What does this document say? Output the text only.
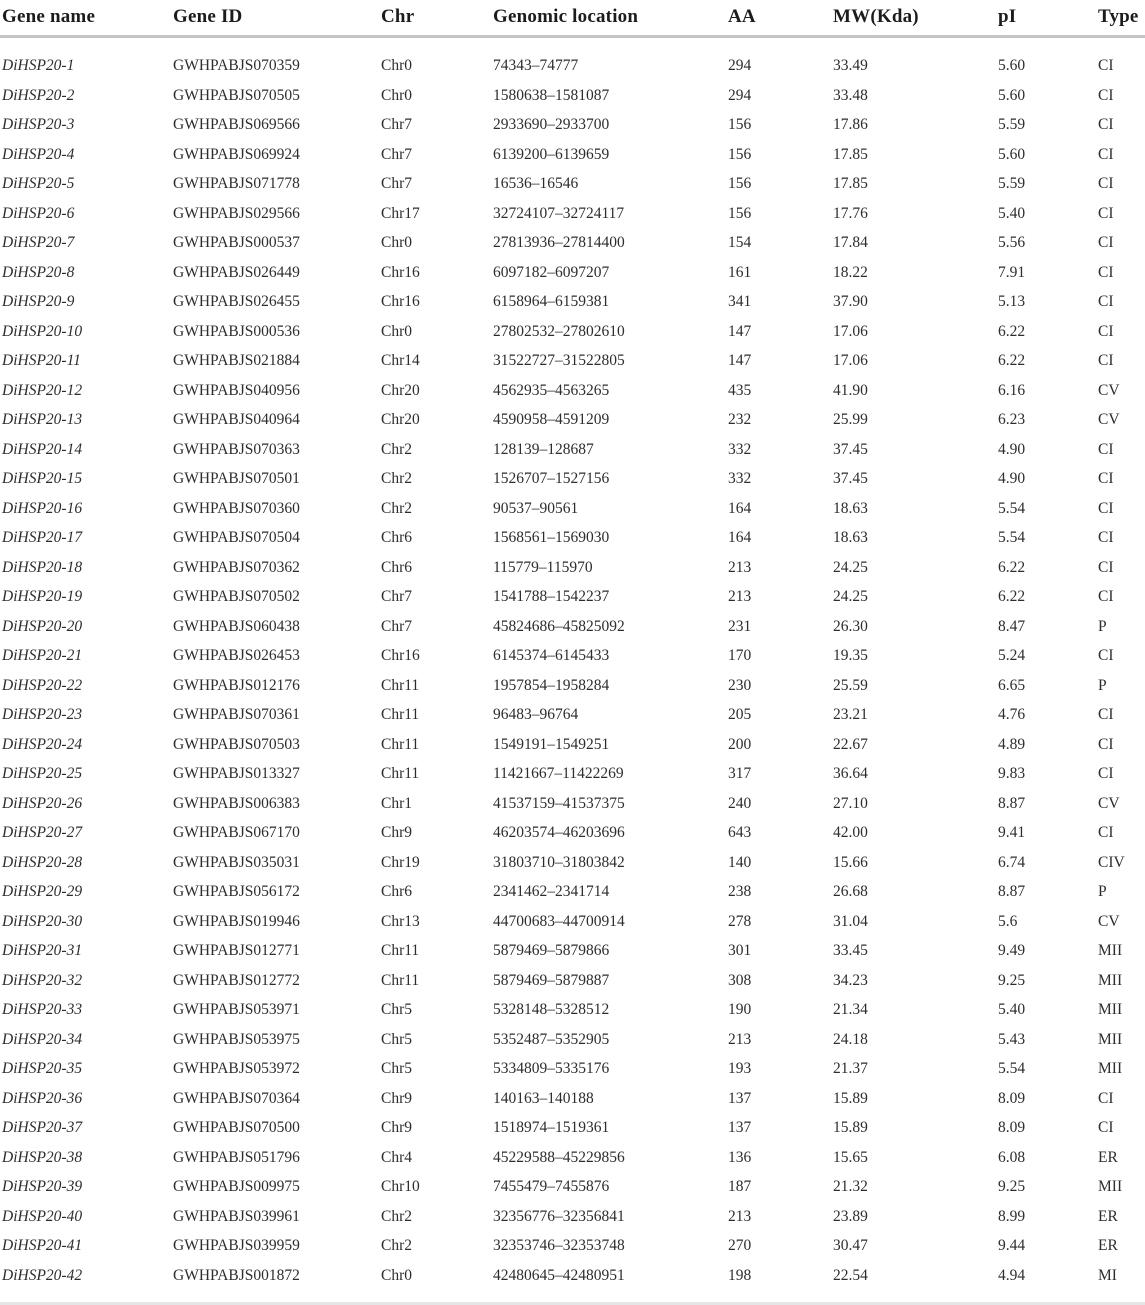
Gene name	Gene ID	Chr	Genomic location	AA	MW(Kda)	pI	Type
DiHSP20-1	GWHPABJS070359	Chr0	74343–74777	294	33.49	5.60	CI
DiHSP20-2	GWHPABJS070505	Chr0	1580638–1581087	294	33.48	5.60	CI
DiHSP20-3	GWHPABJS069566	Chr7	2933690–2933700	156	17.86	5.59	CI
DiHSP20-4	GWHPABJS069924	Chr7	6139200–6139659	156	17.85	5.60	CI
DiHSP20-5	GWHPABJS071778	Chr7	16536–16546	156	17.85	5.59	CI
DiHSP20-6	GWHPABJS029566	Chr17	32724107–32724117	156	17.76	5.40	CI
DiHSP20-7	GWHPABJS000537	Chr0	27813936–27814400	154	17.84	5.56	CI
DiHSP20-8	GWHPABJS026449	Chr16	6097182–6097207	161	18.22	7.91	CI
DiHSP20-9	GWHPABJS026455	Chr16	6158964–6159381	341	37.90	5.13	CI
DiHSP20-10	GWHPABJS000536	Chr0	27802532–27802610	147	17.06	6.22	CI
DiHSP20-11	GWHPABJS021884	Chr14	31522727–31522805	147	17.06	6.22	CI
DiHSP20-12	GWHPABJS040956	Chr20	4562935–4563265	435	41.90	6.16	CV
DiHSP20-13	GWHPABJS040964	Chr20	4590958–4591209	232	25.99	6.23	CV
DiHSP20-14	GWHPABJS070363	Chr2	128139–128687	332	37.45	4.90	CI
DiHSP20-15	GWHPABJS070501	Chr2	1526707–1527156	332	37.45	4.90	CI
DiHSP20-16	GWHPABJS070360	Chr2	90537–90561	164	18.63	5.54	CI
DiHSP20-17	GWHPABJS070504	Chr6	1568561–1569030	164	18.63	5.54	CI
DiHSP20-18	GWHPABJS070362	Chr6	115779–115970	213	24.25	6.22	CI
DiHSP20-19	GWHPABJS070502	Chr7	1541788–1542237	213	24.25	6.22	CI
DiHSP20-20	GWHPABJS060438	Chr7	45824686–45825092	231	26.30	8.47	P
DiHSP20-21	GWHPABJS026453	Chr16	6145374–6145433	170	19.35	5.24	CI
DiHSP20-22	GWHPABJS012176	Chr11	1957854–1958284	230	25.59	6.65	P
DiHSP20-23	GWHPABJS070361	Chr11	96483–96764	205	23.21	4.76	CI
DiHSP20-24	GWHPABJS070503	Chr11	1549191–1549251	200	22.67	4.89	CI
DiHSP20-25	GWHPABJS013327	Chr11	11421667–11422269	317	36.64	9.83	CI
DiHSP20-26	GWHPABJS006383	Chr1	41537159–41537375	240	27.10	8.87	CV
DiHSP20-27	GWHPABJS067170	Chr9	46203574–46203696	643	42.00	9.41	CI
DiHSP20-28	GWHPABJS035031	Chr19	31803710–31803842	140	15.66	6.74	CIV
DiHSP20-29	GWHPABJS056172	Chr6	2341462–2341714	238	26.68	8.87	P
DiHSP20-30	GWHPABJS019946	Chr13	44700683–44700914	278	31.04	5.6	CV
DiHSP20-31	GWHPABJS012771	Chr11	5879469–5879866	301	33.45	9.49	MII
DiHSP20-32	GWHPABJS012772	Chr11	5879469–5879887	308	34.23	9.25	MII
DiHSP20-33	GWHPABJS053971	Chr5	5328148–5328512	190	21.34	5.40	MII
DiHSP20-34	GWHPABJS053975	Chr5	5352487–5352905	213	24.18	5.43	MII
DiHSP20-35	GWHPABJS053972	Chr5	5334809–5335176	193	21.37	5.54	MII
DiHSP20-36	GWHPABJS070364	Chr9	140163–140188	137	15.89	8.09	CI
DiHSP20-37	GWHPABJS070500	Chr9	1518974–1519361	137	15.89	8.09	CI
DiHSP20-38	GWHPABJS051796	Chr4	45229588–45229856	136	15.65	6.08	ER
DiHSP20-39	GWHPABJS009975	Chr10	7455479–7455876	187	21.32	9.25	MII
DiHSP20-40	GWHPABJS039961	Chr2	32356776–32356841	213	23.89	8.99	ER
DiHSP20-41	GWHPABJS039959	Chr2	32353746–32353748	270	30.47	9.44	ER
DiHSP20-42	GWHPABJS001872	Chr0	42480645–42480951	198	22.54	4.94	MI
